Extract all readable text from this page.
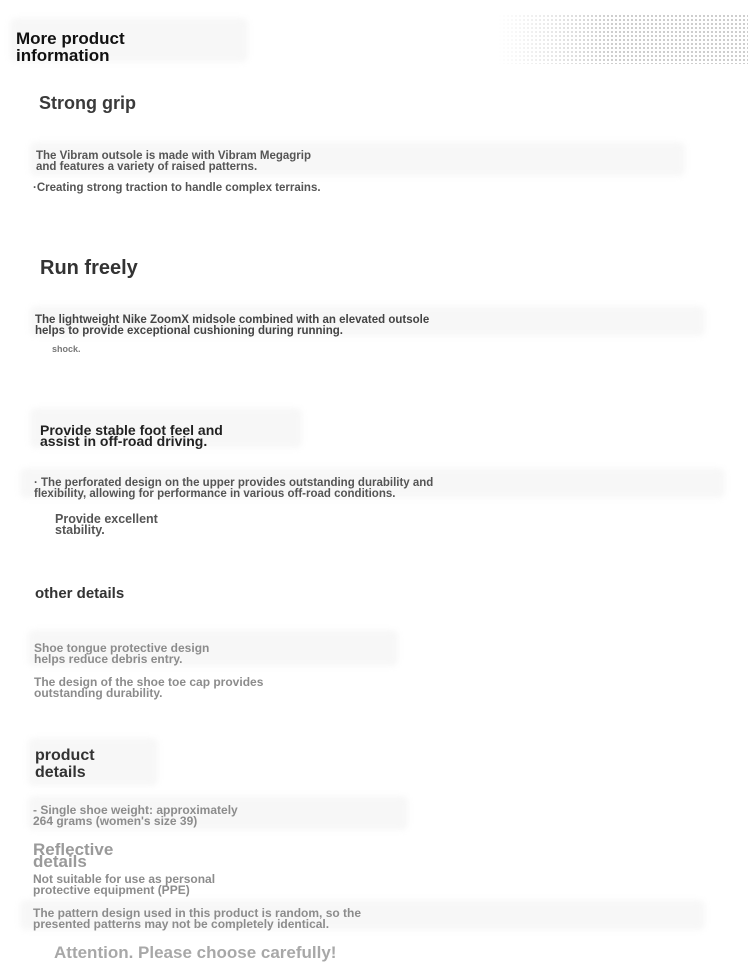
More product
information
Strong grip
The Vibram outsole is made with Vibram Megagrip
and features a variety of raised patterns.
·Creating strong traction to handle complex terrains.
Run freely
The lightweight Nike ZoomX midsole combined with an elevated outsole
helps to provide exceptional cushioning during running.
shock.
Provide stable foot feel and
assist in off-road driving.
· The perforated design on the upper provides outstanding durability and
flexibility, allowing for performance in various off-road conditions.
Provide excellent
stability.
other details
Shoe tongue protective design
helps reduce debris entry.
The design of the shoe toe cap provides
outstanding durability.
product
details
- Single shoe weight: approximately
264 grams (women's size 39)
Reflective
details
Not suitable for use as personal
protective equipment (PPE)
The pattern design used in this product is random, so the
presented patterns may not be completely identical.
Attention. Please choose carefully!
